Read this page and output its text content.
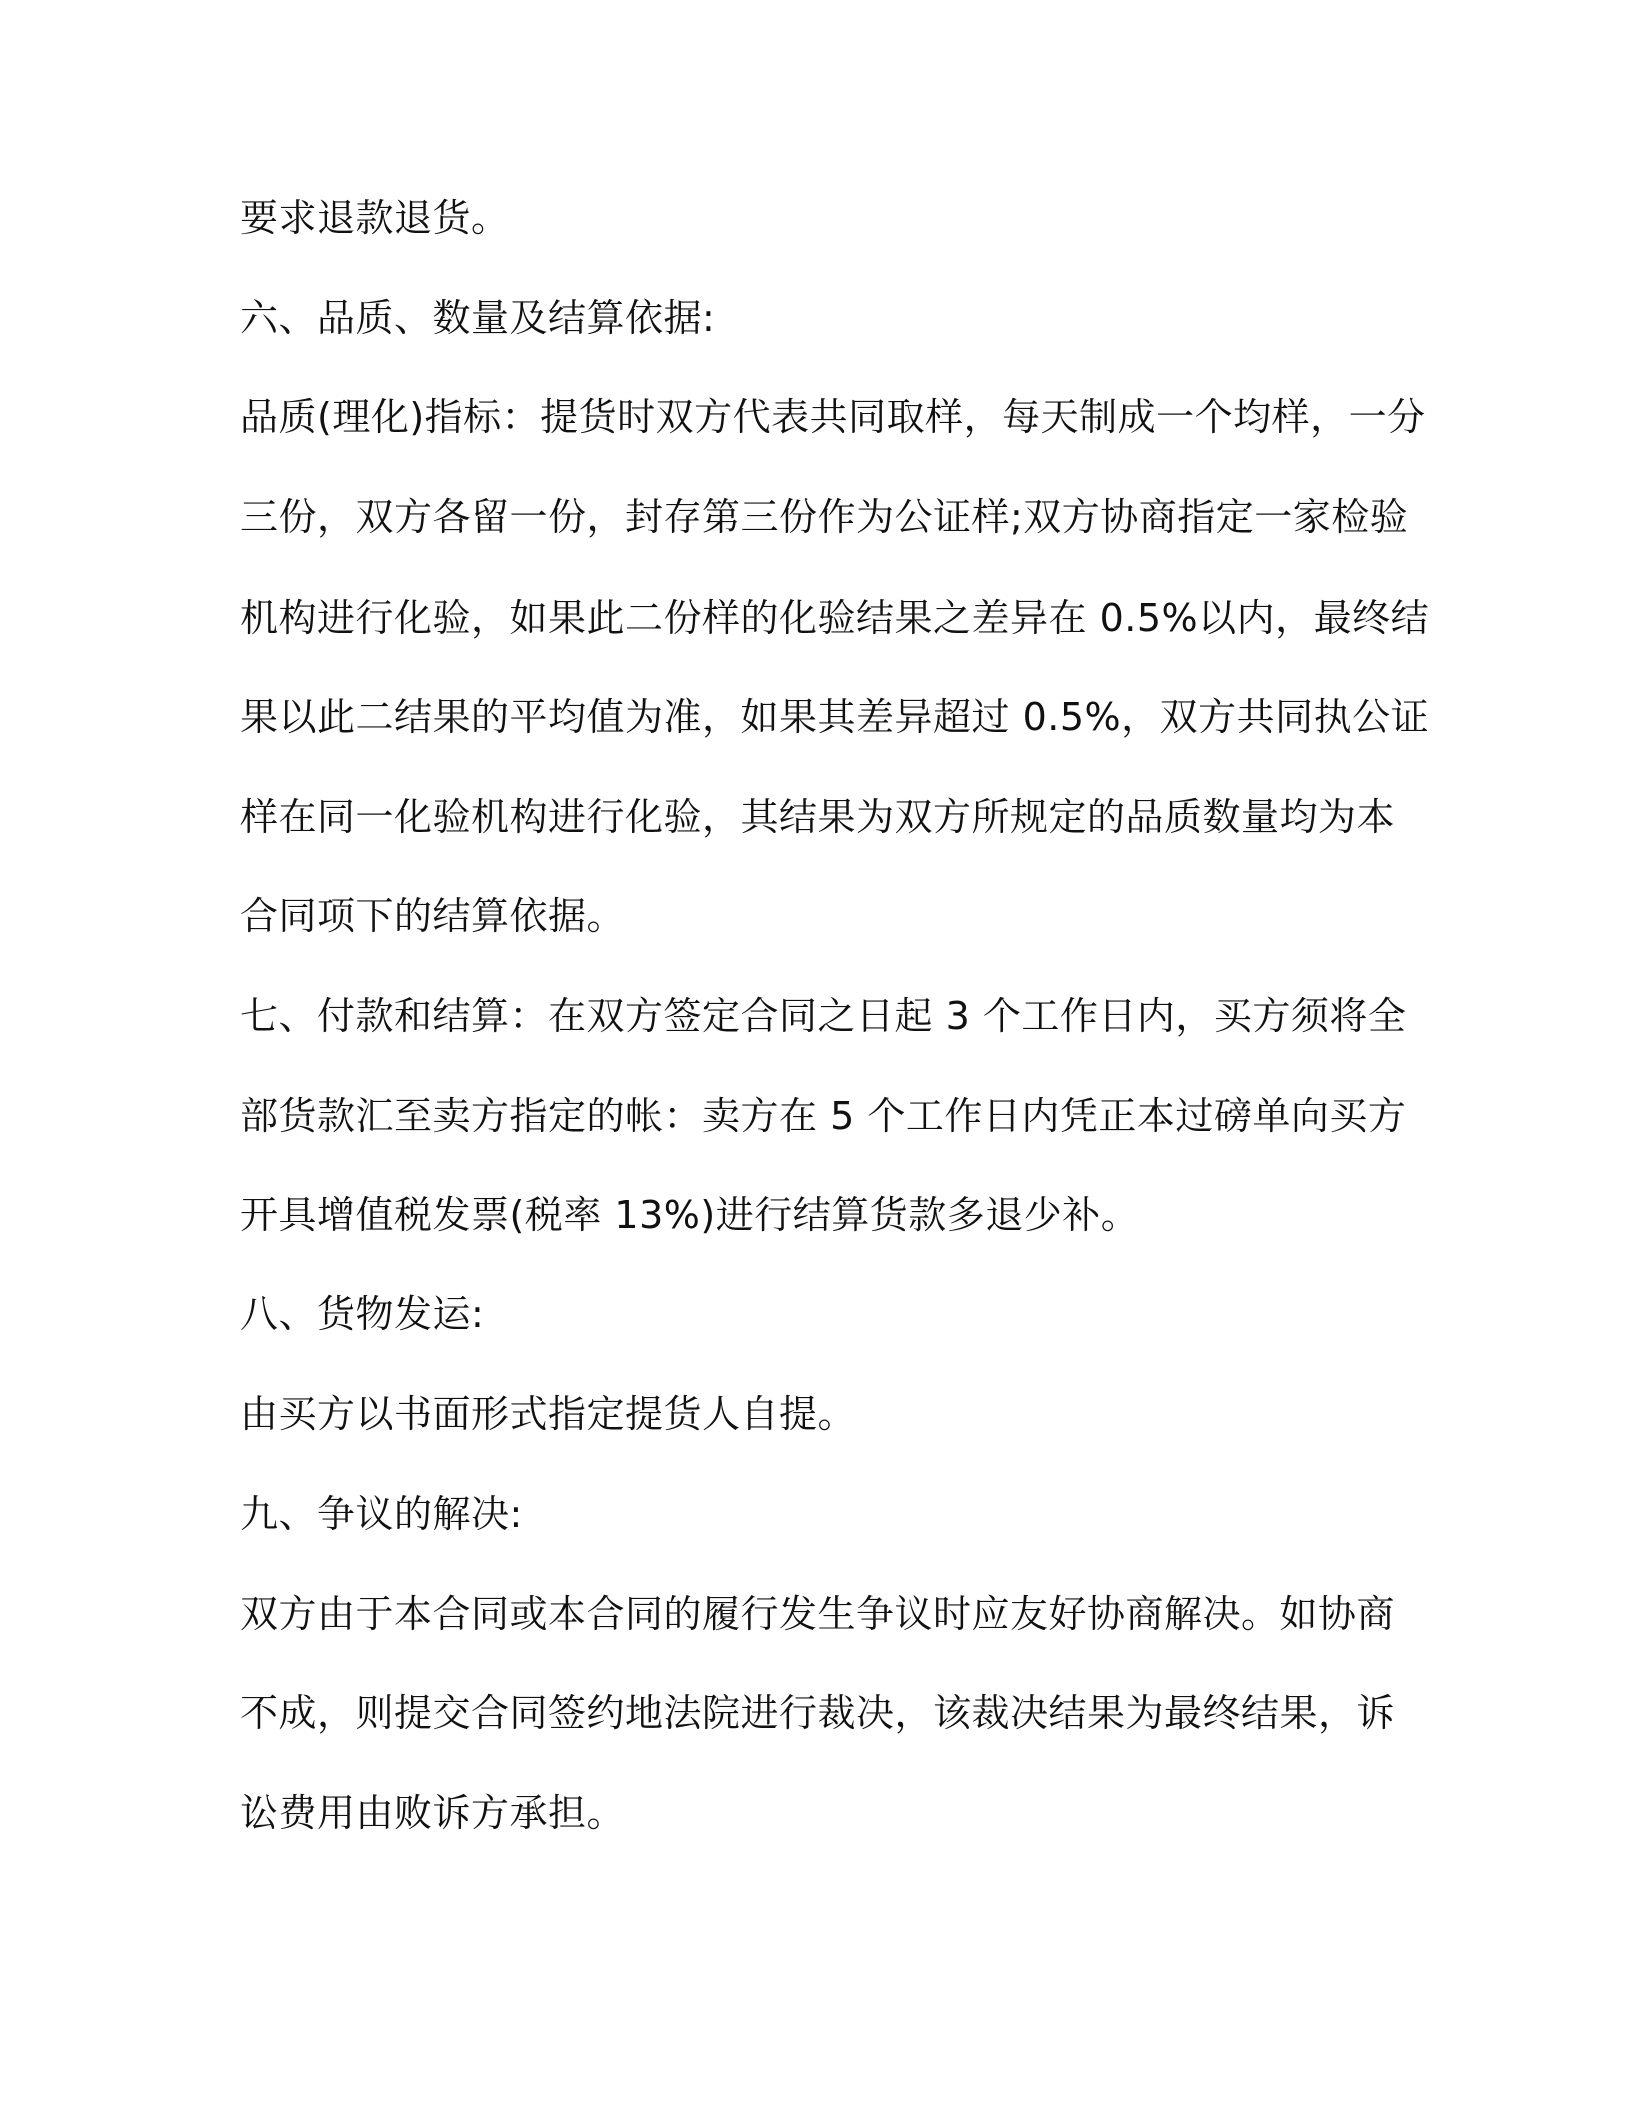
要求退款退货。
六、品质、数量及结算依据:
品质(理化)指标：提货时双方代表共同取样，每天制成一个均样，一分
三份，双方各留一份，封存第三份作为公证样;双方协商指定一家检验
机构进行化验，如果此二份样的化验结果之差异在 0.5%以内，最终结
果以此二结果的平均值为准，如果其差异超过 0.5%，双方共同执公证
样在同一化验机构进行化验，其结果为双方所规定的品质数量均为本
合同项下的结算依据。
七、付款和结算：在双方签定合同之日起 3 个工作日内，买方须将全
部货款汇至卖方指定的帐：卖方在 5 个工作日内凭正本过磅单向买方
开具增值税发票(税率 13%)进行结算货款多退少补。
八、货物发运:
由买方以书面形式指定提货人自提。
九、争议的解决:
双方由于本合同或本合同的履行发生争议时应友好协商解决。如协商
不成，则提交合同签约地法院进行裁决，该裁决结果为最终结果，诉
讼费用由败诉方承担。
